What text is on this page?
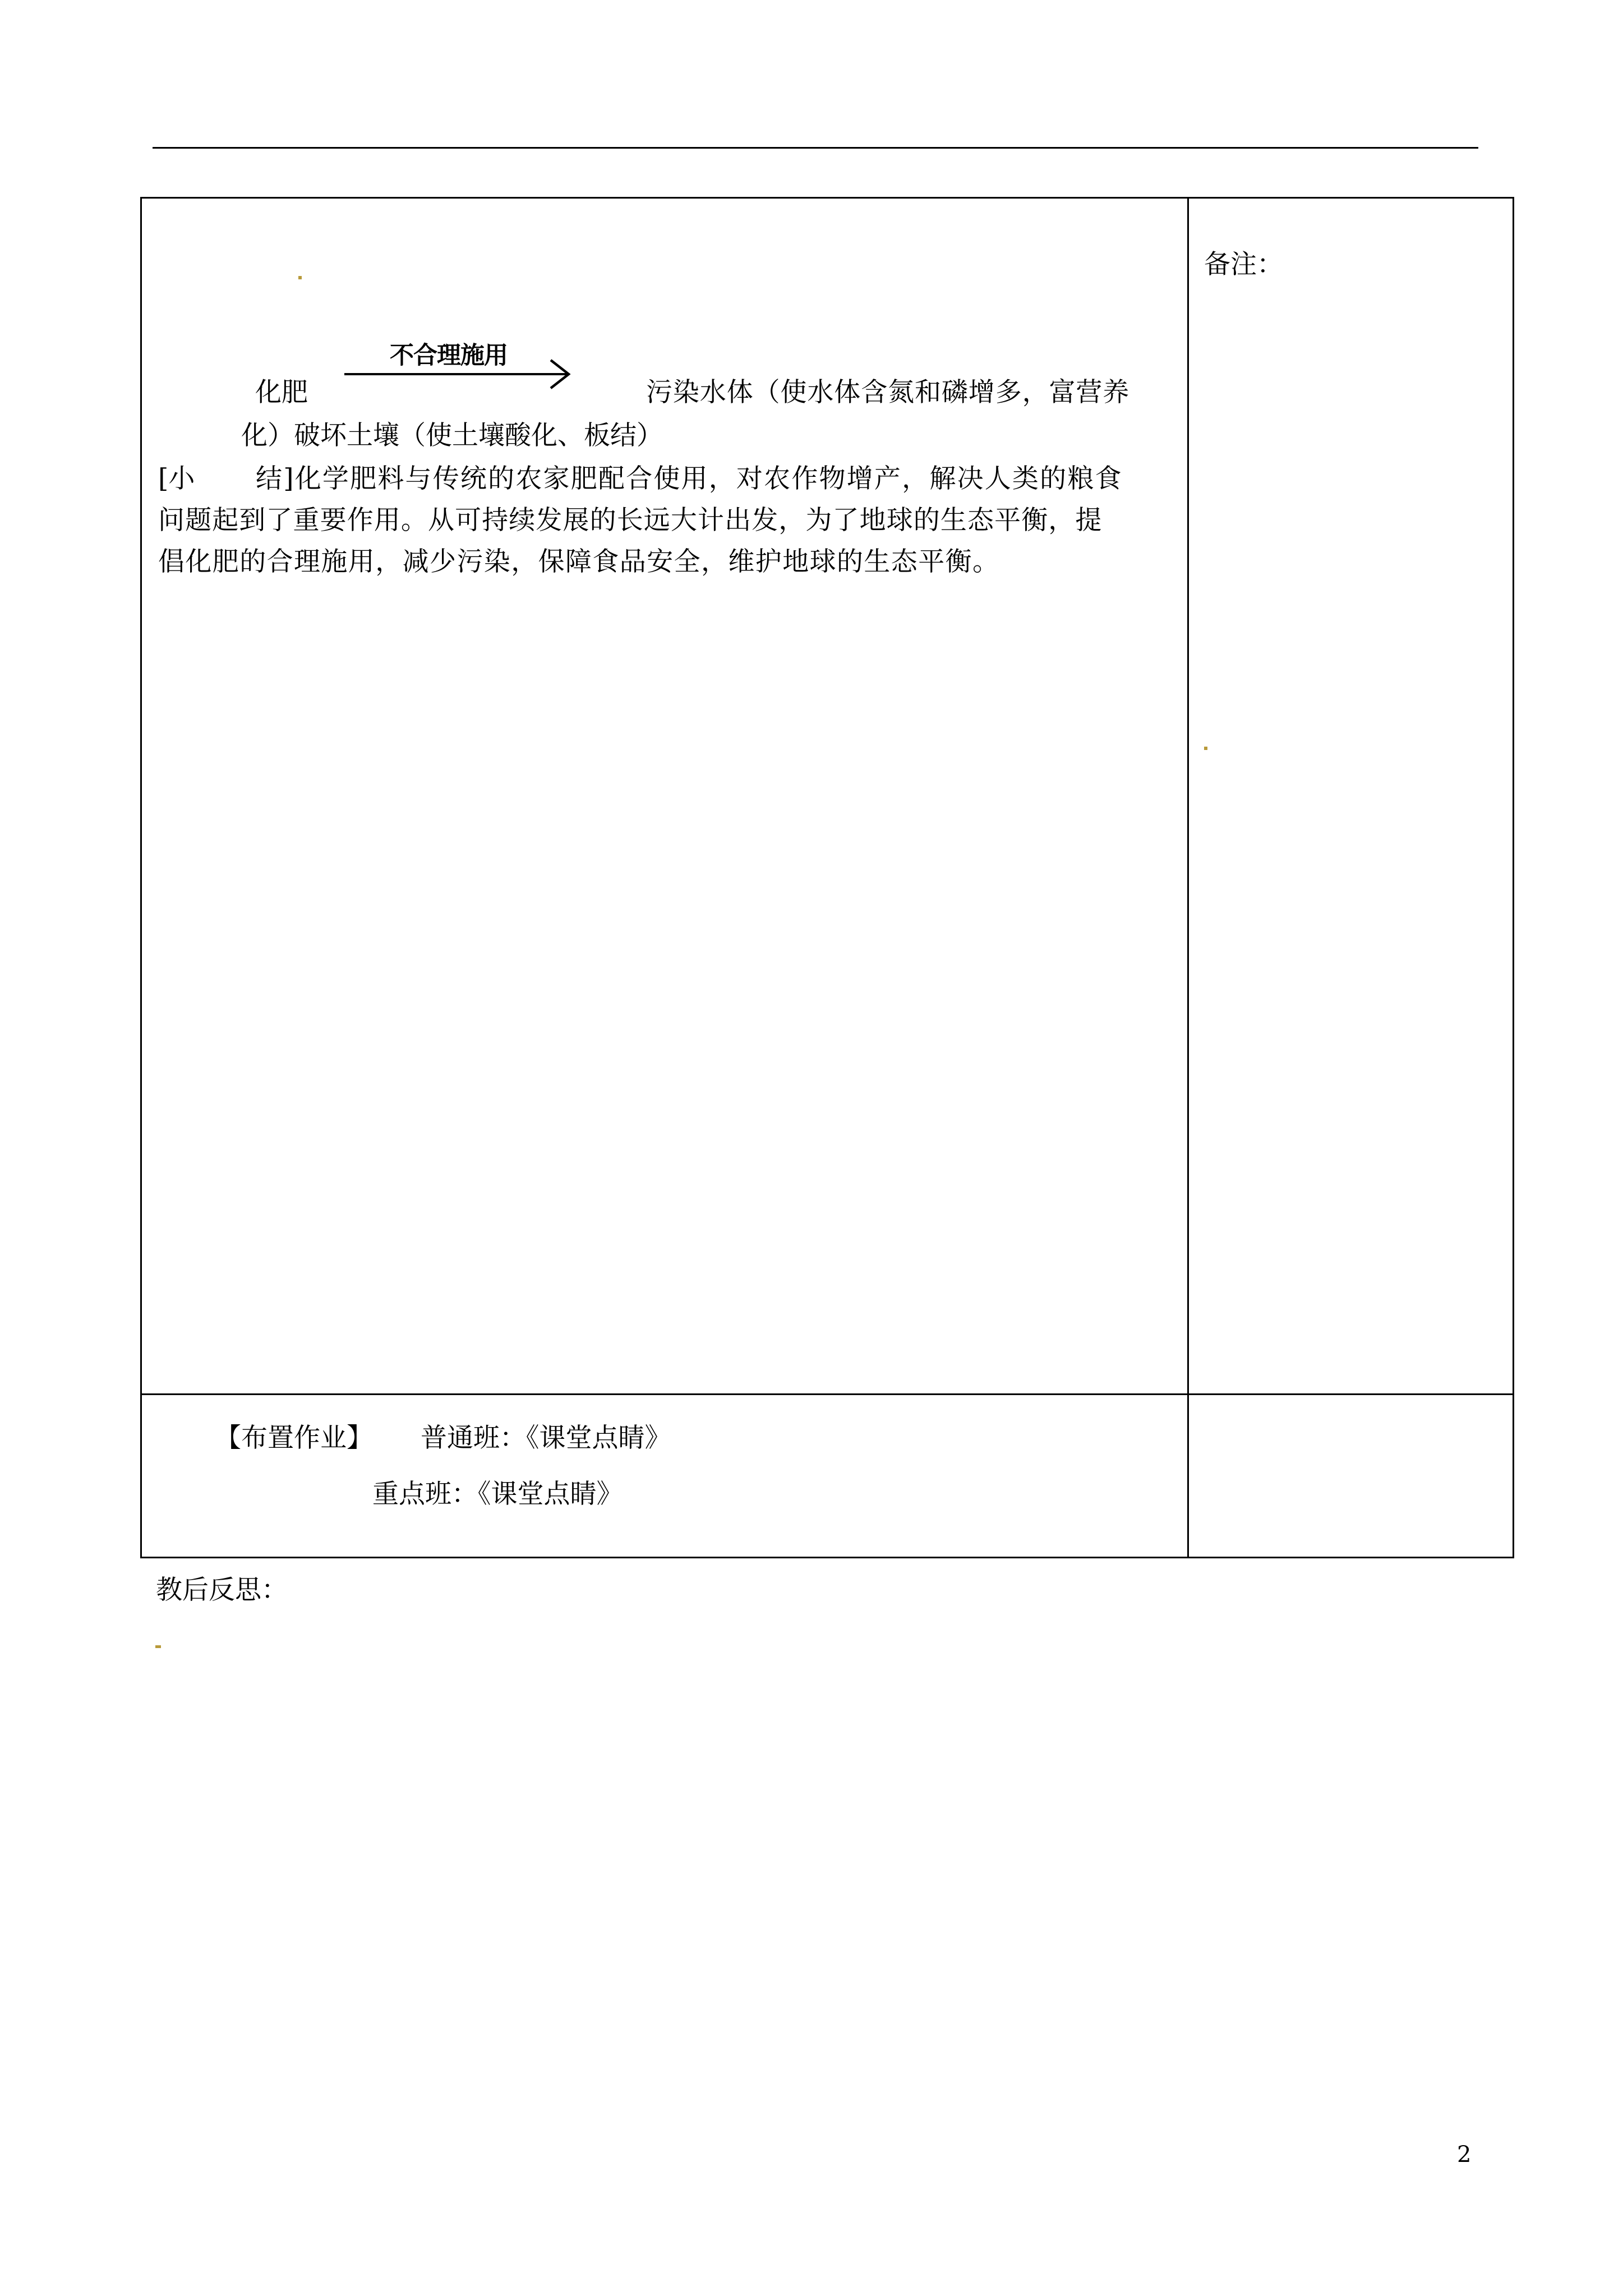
不合理施用
化肥	污染水体（使水体含氮和磷增多，富营养
化）破坏土壤（使土壤酸化、板结）
[小 结]化学肥料与传统的农家肥配合使用，对农作物增产，解决人类的粮食
问题起到了重要作用。从可持续发展的长远大计出发，为了地球的生态平衡，提
倡化肥的合理施用，减少污染，保障食品安全，维护地球的生态平衡。
备注：
【布置作业】 普通班：《课堂点睛》
重点班：《课堂点睛》
教后反思：
2
